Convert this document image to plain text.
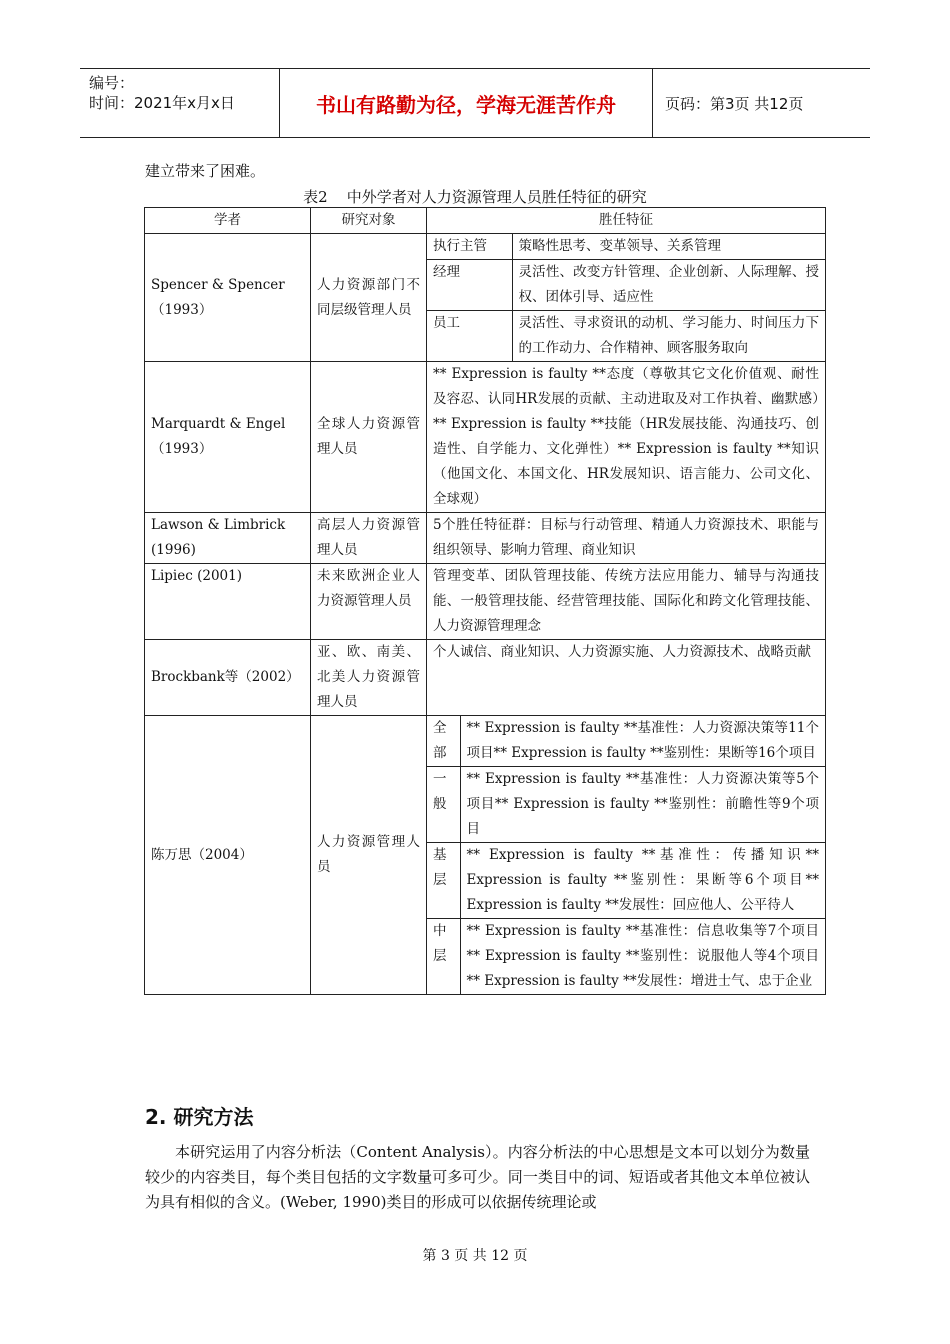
编号：
时间：2021年x月x日	书山有路勤为径，学海无涯苦作舟	页码：第3页 共12页
建立带来了困难。
表2 中外学者对人力资源管理人员胜任特征的研究
学者	研究对象	胜任特征
Spencer & Spencer（1993）	人力资源部门不同层级管理人员	
执行主管	策略性思考、变革领导、关系管理
经理	灵活性、改变方针管理、企业创新、人际理解、授权、团体引导、适应性
员工	灵活性、寻求资讯的动机、学习能力、时间压力下的工作动力、合作精神、顾客服务取向

Marquardt & Engel（1993）	全球人力资源管理人员	** Expression is faulty **态度（尊敬其它文化价值观、耐性及容忍、认同HR发展的贡献、主动进取及对工作执着、幽默感）** Expression is faulty **技能（HR发展技能、沟通技巧、创造性、自学能力、文化弹性）** Expression is faulty **知识（他国文化、本国文化、HR发展知识、语言能力、公司文化、全球观）
Lawson & Limbrick (1996)	高层人力资源管理人员	5个胜任特征群：目标与行动管理、精通人力资源技术、职能与组织领导、影响力管理、商业知识
Lipiec (2001)	未来欧洲企业人力资源管理人员	管理变革、团队管理技能、传统方法应用能力、辅导与沟通技能、一般管理技能、经营管理技能、国际化和跨文化管理技能、人力资源管理理念
Brockbank等（2002）	亚、欧、南美、北美人力资源管理人员	个人诚信、商业知识、人力资源实施、人力资源技术、战略贡献
陈万思（2004）	人力资源管理人员	
全部	** Expression is faulty **基准性：人力资源决策等11个项目** Expression is faulty **鉴别性：果断等16个项目
一般	** Expression is faulty **基准性：人力资源决策等5个项目** Expression is faulty **鉴别性：前瞻性等9个项目
基层	** Expression is faulty **基准性：传播知识** Expression is faulty **鉴别性：果断等6个项目** Expression is faulty **发展性：回应他人、公平待人
中层	** Expression is faulty **基准性：信息收集等7个项目** Expression is faulty **鉴别性：说服他人等4个项目** Expression is faulty **发展性：增进士气、忠于企业
2. 研究方法
本研究运用了内容分析法（Content Analysis）。内容分析法的中心思想是文本可以划分为数量较少的内容类目，每个类目包括的文字数量可多可少。同一类目中的词、短语或者其他文本单位被认为具有相似的含义。(Weber, 1990)类目的形成可以依据传统理论或
第 3 页 共 12 页
